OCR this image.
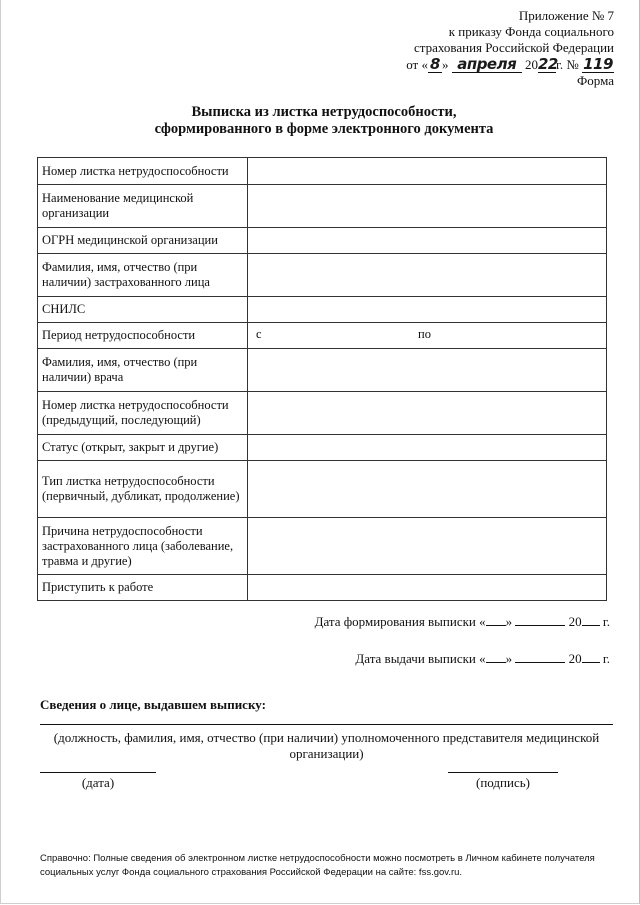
Приложение № 7
к приказу Фонда социального
страхования Российской Федерации
от « 8 » апреля 2022г. № 119
Форма
Выписка из листка нетрудоспособности,
сформированного в форме электронного документа
Номер листка нетрудоспособности	
Наименование медицинской организации	
ОГРН медицинской организации	
Фамилия, имя, отчество (при наличии) застрахованного лица	
СНИЛС	
Период нетрудоспособности	с по

Фамилия, имя, отчество (при наличии) врача	
Номер листка нетрудоспособности (предыдущий, последующий)	
Статус (открыт, закрыт и другие)	
Тип листка нетрудоспособности (первичный, дубликат, продолжение)	
Причина нетрудоспособности застрахованного лица (заболевание, травма и другие)	
Приступить к работе	
Дата формирования выписки « »	20 г.
Дата выдачи выписки « »	20 г.
Сведения о лице, выдавшем выписку:
(должность, фамилия, имя, отчество (при наличии) уполномоченного представителя медицинской организации)
(дата)	(подпись)
Справочно: Полные сведения об электронном листке нетрудоспособности можно посмотреть в Личном кабинете получателя социальных услуг Фонда социального страхования Российской Федерации на сайте: fss.gov.ru.
